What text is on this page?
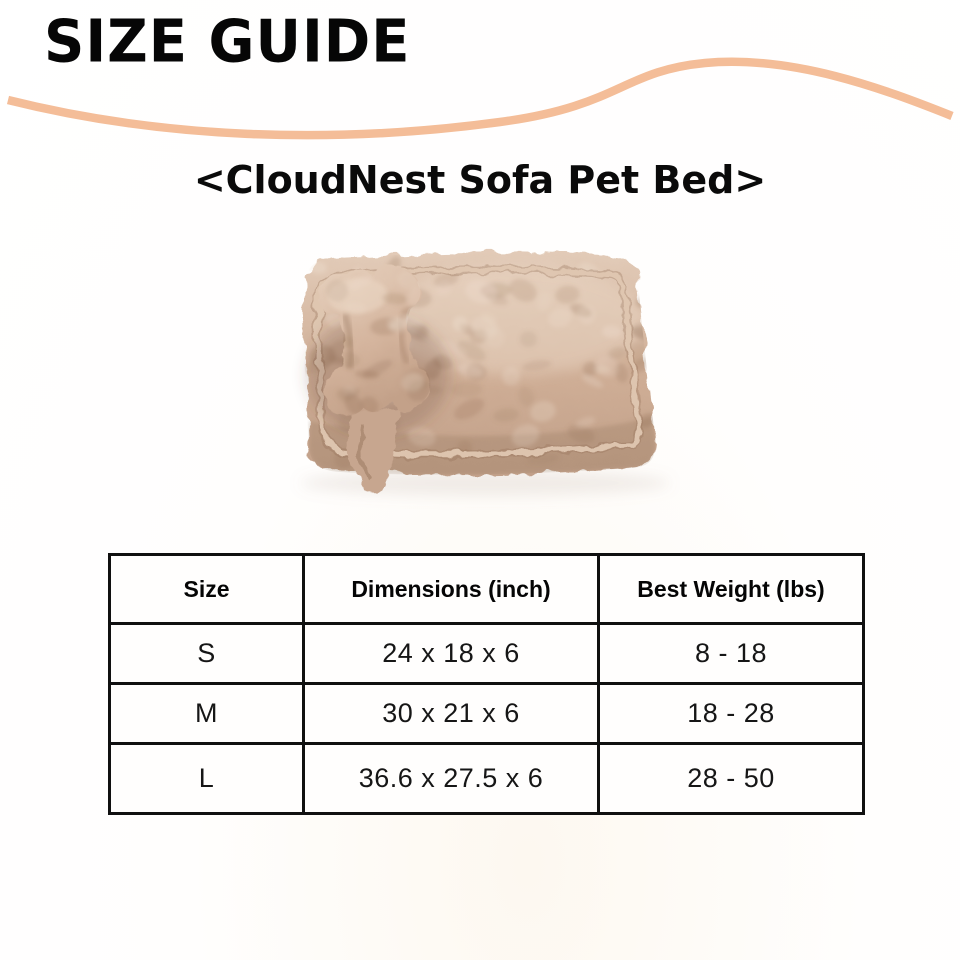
SIZE GUIDE
<CloudNest Sofa Pet Bed>
Size	Dimensions (inch)	Best Weight (lbs)
S	24 x 18 x 6	8 - 18
M	30 x 21 x 6	18 - 28
L	36.6 x 27.5 x 6	28 - 50
